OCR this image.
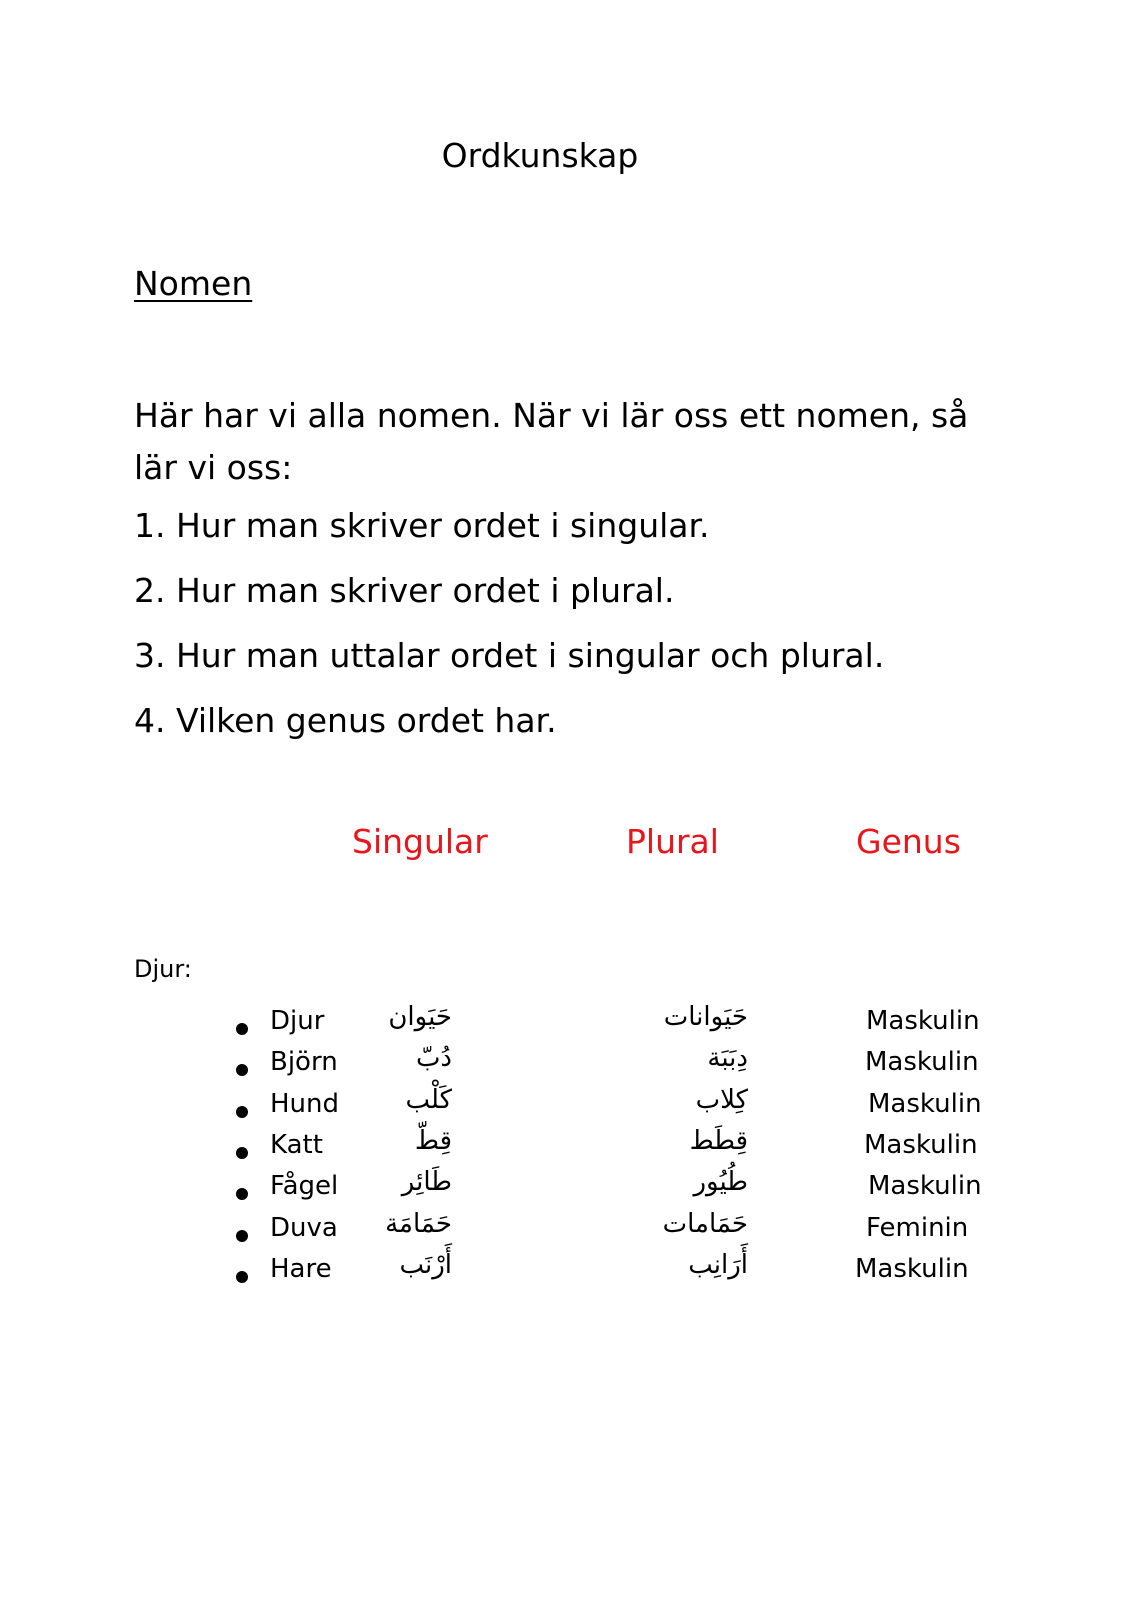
Ordkunskap
Nomen
Här har vi alla nomen. När vi lär oss ett nomen, så lär vi oss:
1. Hur man skriver ordet i singular.
2. Hur man skriver ordet i plural.
3. Hur man uttalar ordet i singular och plural.
4. Vilken genus ordet har.
Singular	Plural	Genus
Djur:
Djur حَيَوان	حَيَوانات	Maskulin
Björn	دُبّ	دِبَبَة	Maskulin
Hund	كَلْب	كِلاب	Maskulin
Katt	قِطّ	قِطَط	Maskulin
Fågel طَائِر	طُيُور	Maskulin
Duva حَمَامَة	حَمَامات	Feminin
Hare	أَرْنَب	أَرَانِب	Maskulin
